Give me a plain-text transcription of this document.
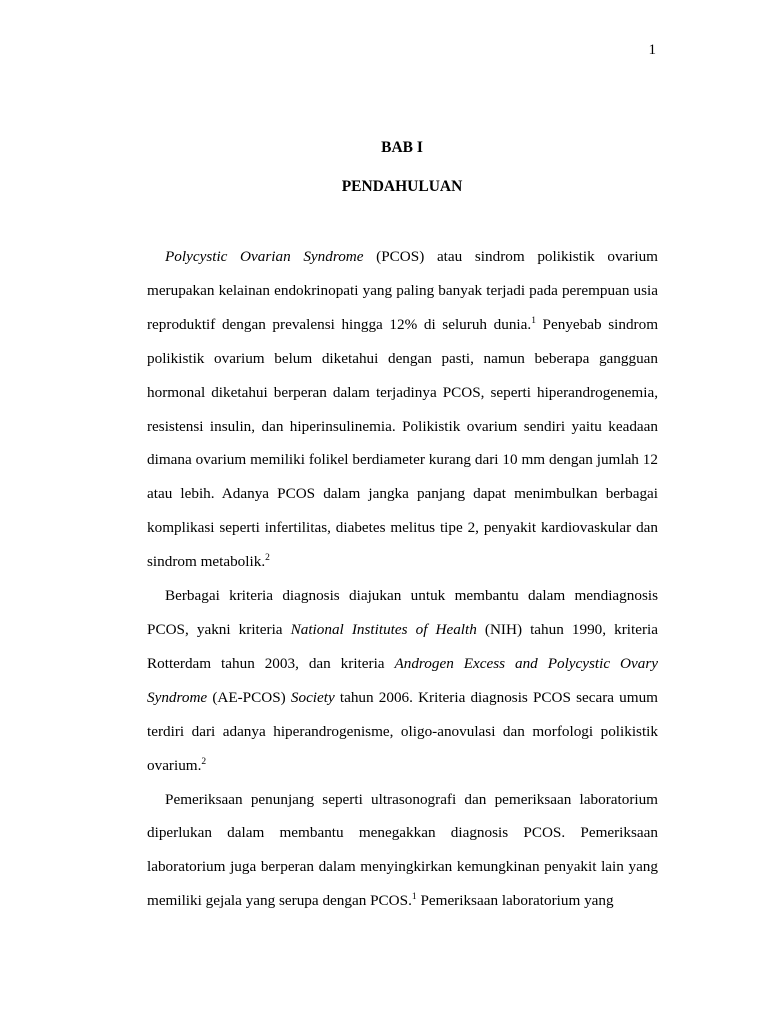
1
BAB I
PENDAHULUAN

Polycystic Ovarian Syndrome (PCOS) atau sindrom polikistik ovarium merupakan kelainan endokrinopati yang paling banyak terjadi pada perempuan usia reproduktif dengan prevalensi hingga 12% di seluruh dunia.$^1$ Penyebab sindrom polikistik ovarium belum diketahui dengan pasti, namun beberapa gangguan hormonal diketahui berperan dalam terjadinya PCOS, seperti hiperandrogenemia, resistensi insulin, dan hiperinsulinemia. Polikistik ovarium sendiri yaitu keadaan dimana ovarium memiliki folikel berdiameter kurang dari 10 mm dengan jumlah 12 atau lebih. Adanya PCOS dalam jangka panjang dapat menimbulkan berbagai komplikasi seperti infertilitas, diabetes melitus tipe 2, penyakit kardiovaskular dan sindrom metabolik.$^2$

Berbagai kriteria diagnosis diajukan untuk membantu dalam mendiagnosis PCOS, yakni kriteria National Institutes of Health (NIH) tahun 1990, kriteria Rotterdam tahun 2003, dan kriteria Androgen Excess and Polycystic Ovary Syndrome (AE-PCOS) Society tahun 2006. Kriteria diagnosis PCOS secara umum terdiri dari adanya hiperandrogenisme, oligo-anovulasi dan morfologi polikistik ovarium.$^2$

Pemeriksaan penunjang seperti ultrasonografi dan pemeriksaan laboratorium diperlukan dalam membantu menegakkan diagnosis PCOS. Pemeriksaan laboratorium juga berperan dalam menyingkirkan kemungkinan penyakit lain yang memiliki gejala yang serupa dengan PCOS.$^1$ Pemeriksaan laboratorium yang
